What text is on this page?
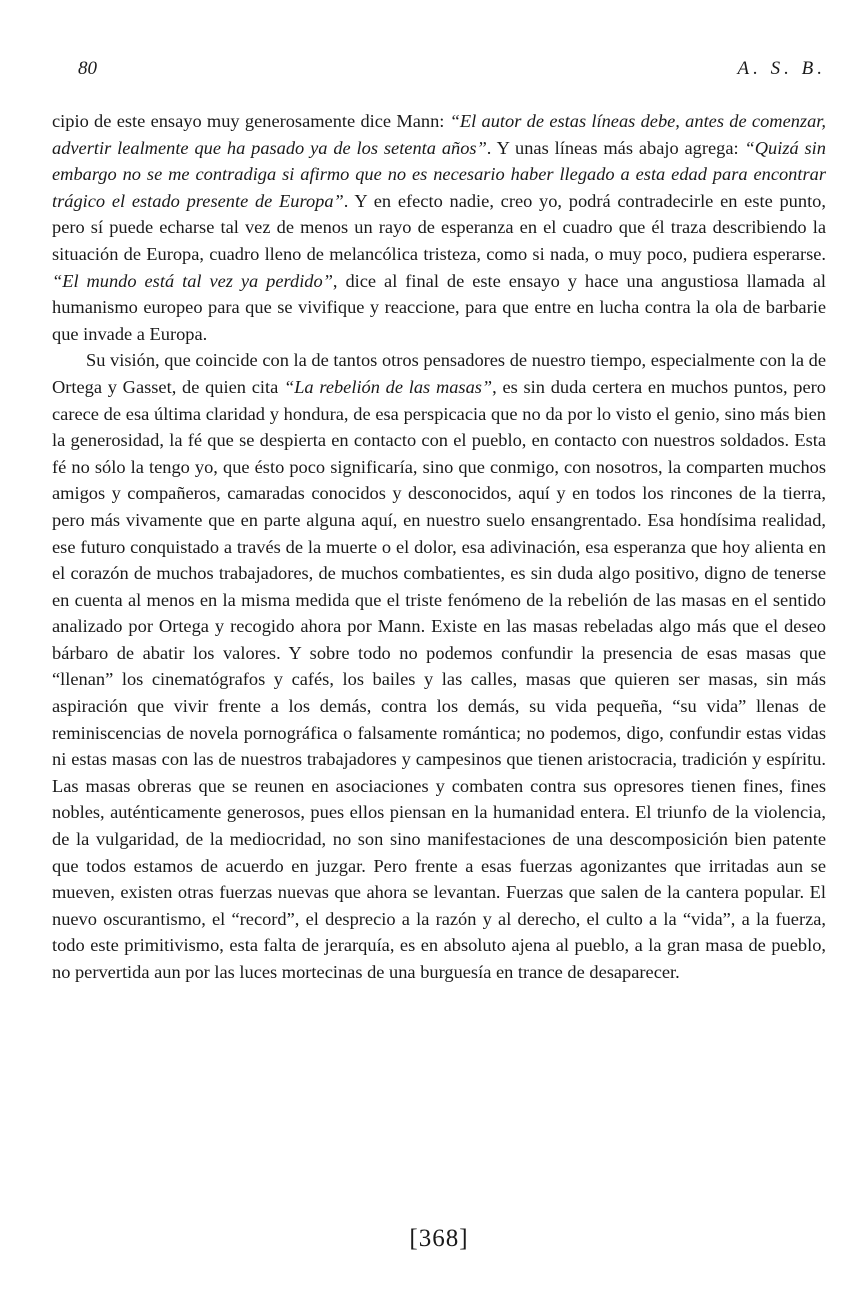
80	A. S. B.

cipio de este ensayo muy generosamente dice Mann: “El autor de estas líneas debe, antes de comenzar, advertir lealmente que ha pasado ya de los setenta años”. Y unas líneas más abajo agrega: “Quizá sin embargo no se me contradiga si afirmo que no es necesario haber llegado a esta edad para encontrar trágico el estado presente de Europa”. Y en efecto nadie, creo yo, podrá contradecirle en este punto, pero sí puede echarse tal vez de menos un rayo de esperanza en el cuadro que él traza describiendo la situación de Europa, cuadro lleno de melancólica tristeza, como si nada, o muy poco, pudiera esperarse. “El mundo está tal vez ya perdido”, dice al final de este ensayo y hace una angustiosa llamada al humanismo europeo para que se vivifique y reaccione, para que entre en lucha contra la ola de barbarie que invade a Europa.

Su visión, que coincide con la de tantos otros pensadores de nuestro tiempo, especialmente con la de Ortega y Gasset, de quien cita “La rebelión de las masas”, es sin duda certera en muchos puntos, pero carece de esa última claridad y hondura, de esa perspicacia que no da por lo visto el genio, sino más bien la generosidad, la fé que se despierta en contacto con el pueblo, en contacto con nuestros soldados. Esta fé no sólo la tengo yo, que ésto poco significaría, sino que conmigo, con nosotros, la comparten muchos amigos y compañeros, camaradas conocidos y desconocidos, aquí y en todos los rincones de la tierra, pero más vivamente que en parte alguna aquí, en nuestro suelo ensangrentado. Esa hondísima realidad, ese futuro conquistado a través de la muerte o el dolor, esa adivinación, esa esperanza que hoy alienta en el corazón de muchos trabajadores, de muchos combatientes, es sin duda algo positivo, digno de tenerse en cuenta al menos en la misma medida que el triste fenómeno de la rebelión de las masas en el sentido analizado por Ortega y recogido ahora por Mann. Existe en las masas rebeladas algo más que el deseo bárbaro de abatir los valores. Y sobre todo no podemos confundir la presencia de esas masas que “llenan” los cinematógrafos y cafés, los bailes y las calles, masas que quieren ser masas, sin más aspiración que vivir frente a los demás, contra los demás, su vida pequeña, “su vida” llenas de reminiscencias de novela pornográfica o falsamente romántica; no podemos, digo, confundir estas vidas ni estas masas con las de nuestros trabajadores y campesinos que tienen aristocracia, tradición y espíritu. Las masas obreras que se reunen en asociaciones y combaten contra sus opresores tienen fines, fines nobles, auténticamente generosos, pues ellos piensan en la humanidad entera. El triunfo de la violencia, de la vulgaridad, de la mediocridad, no son sino manifestaciones de una descomposición bien patente que todos estamos de acuerdo en juzgar. Pero frente a esas fuerzas agonizantes que irritadas aun se mueven, existen otras fuerzas nuevas que ahora se levantan. Fuerzas que salen de la cantera popular. El nuevo oscurantismo, el “record”, el desprecio a la razón y al derecho, el culto a la “vida”, a la fuerza, todo este primitivismo, esta falta de jerarquía, es en absoluto ajena al pueblo, a la gran masa de pueblo, no pervertida aun por las luces mortecinas de una burguesía en trance de desaparecer.

[368]
